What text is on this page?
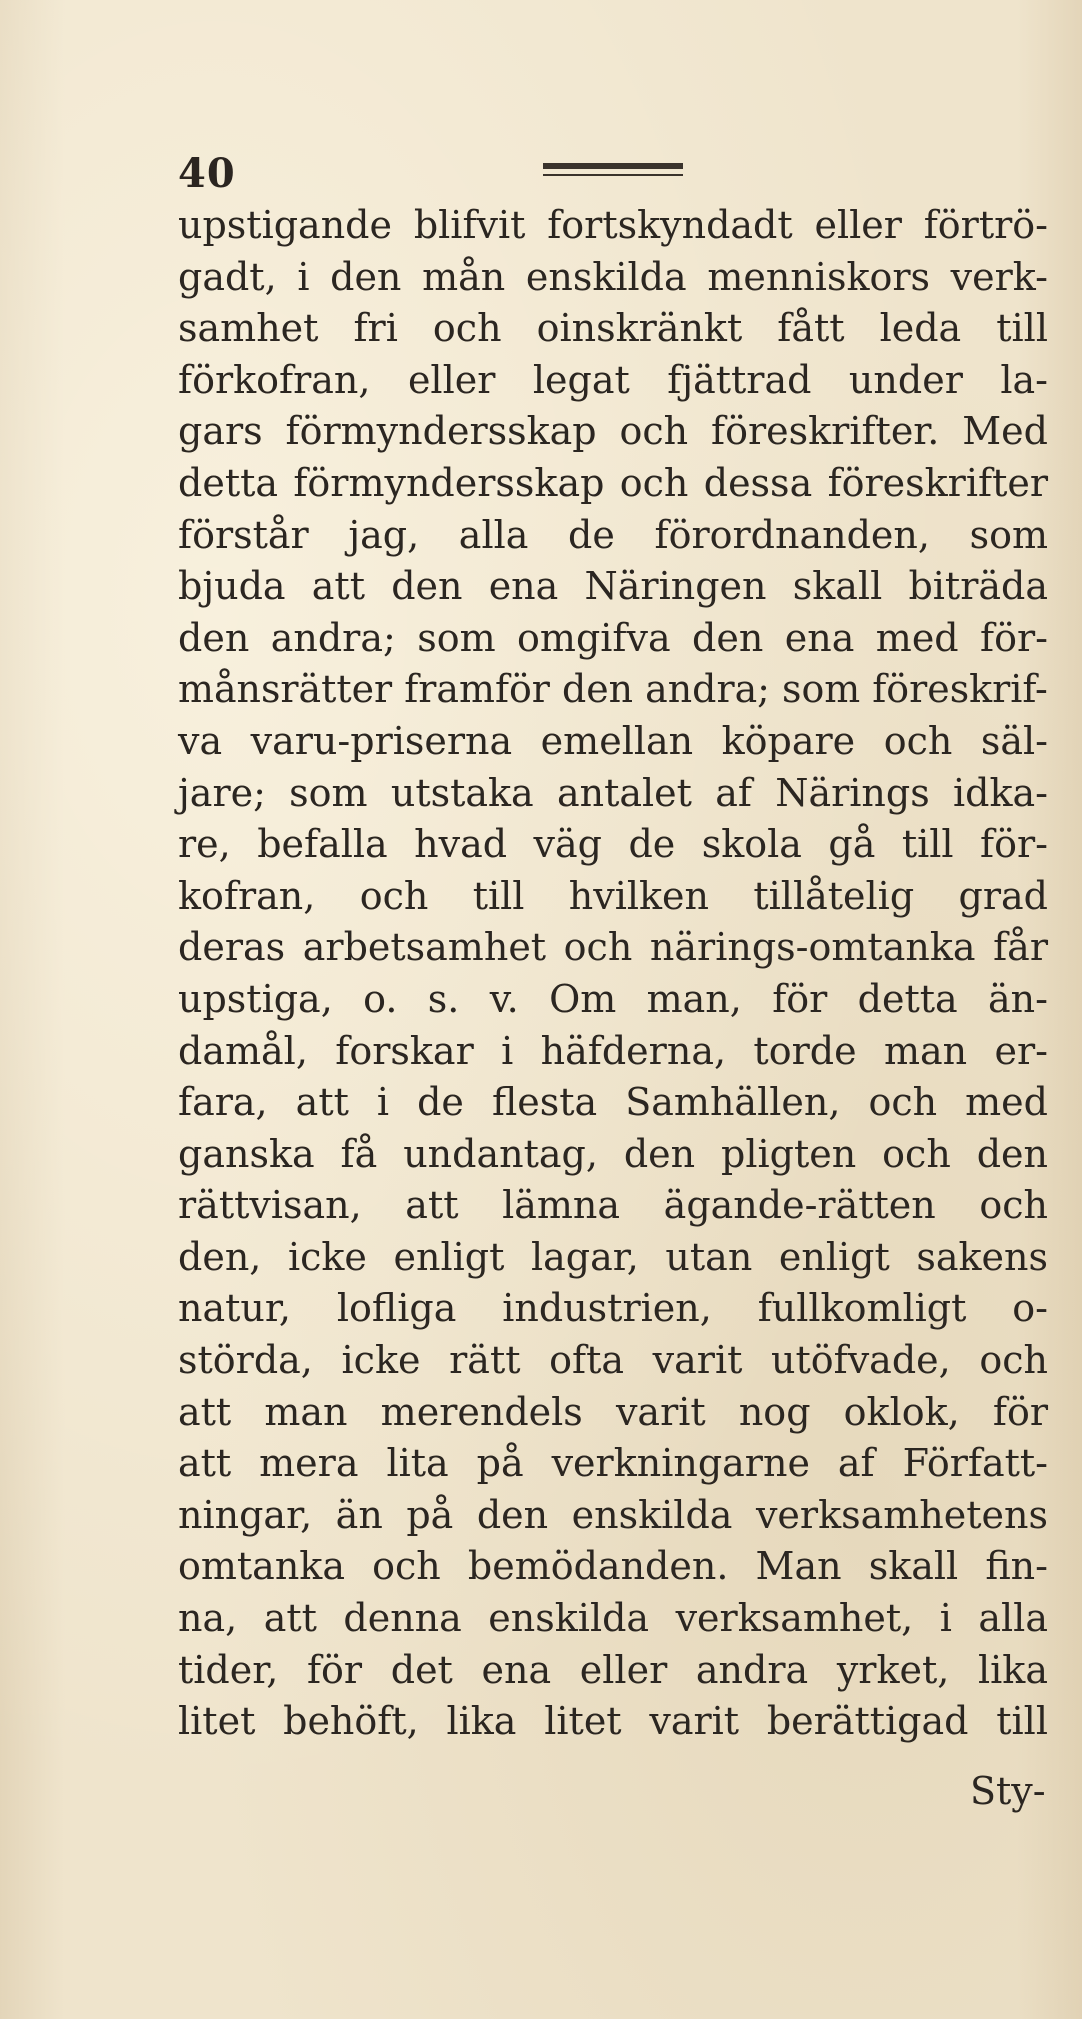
40
upstigande blifvit fortskyndadt eller förtrö-
gadt, i den mån enskilda menniskors verk-
samhet fri och oinskränkt fått leda till
förkofran, eller legat fjättrad under la-
gars förmyndersskap och föreskrifter. Med
detta förmyndersskap och dessa föreskrifter
förstår jag, alla de förordnanden, som
bjuda att den ena Näringen skall biträda
den andra; som omgifva den ena med för-
månsrätter framför den andra; som föreskrif-
va varu-priserna emellan köpare och säl-
jare; som utstaka antalet af Närings idka-
re, befalla hvad väg de skola gå till för-
kofran, och till hvilken tillåtelig grad
deras arbetsamhet och närings-omtanka får
upstiga, o. s. v. Om man, för detta än-
damål, forskar i häfderna, torde man er-
fara, att i de flesta Samhällen, och med
ganska få undantag, den pligten och den
rättvisan, att lämna ägande-rätten och
den, icke enligt lagar, utan enligt sakens
natur, lofliga industrien, fullkomligt o-
störda, icke rätt ofta varit utöfvade, och
att man merendels varit nog oklok, för
att mera lita på verkningarne af Författ-
ningar, än på den enskilda verksamhetens
omtanka och bemödanden. Man skall fin-
na, att denna enskilda verksamhet, i alla
tider, för det ena eller andra yrket, lika
litet behöft, lika litet varit berättigad till
Sty-
